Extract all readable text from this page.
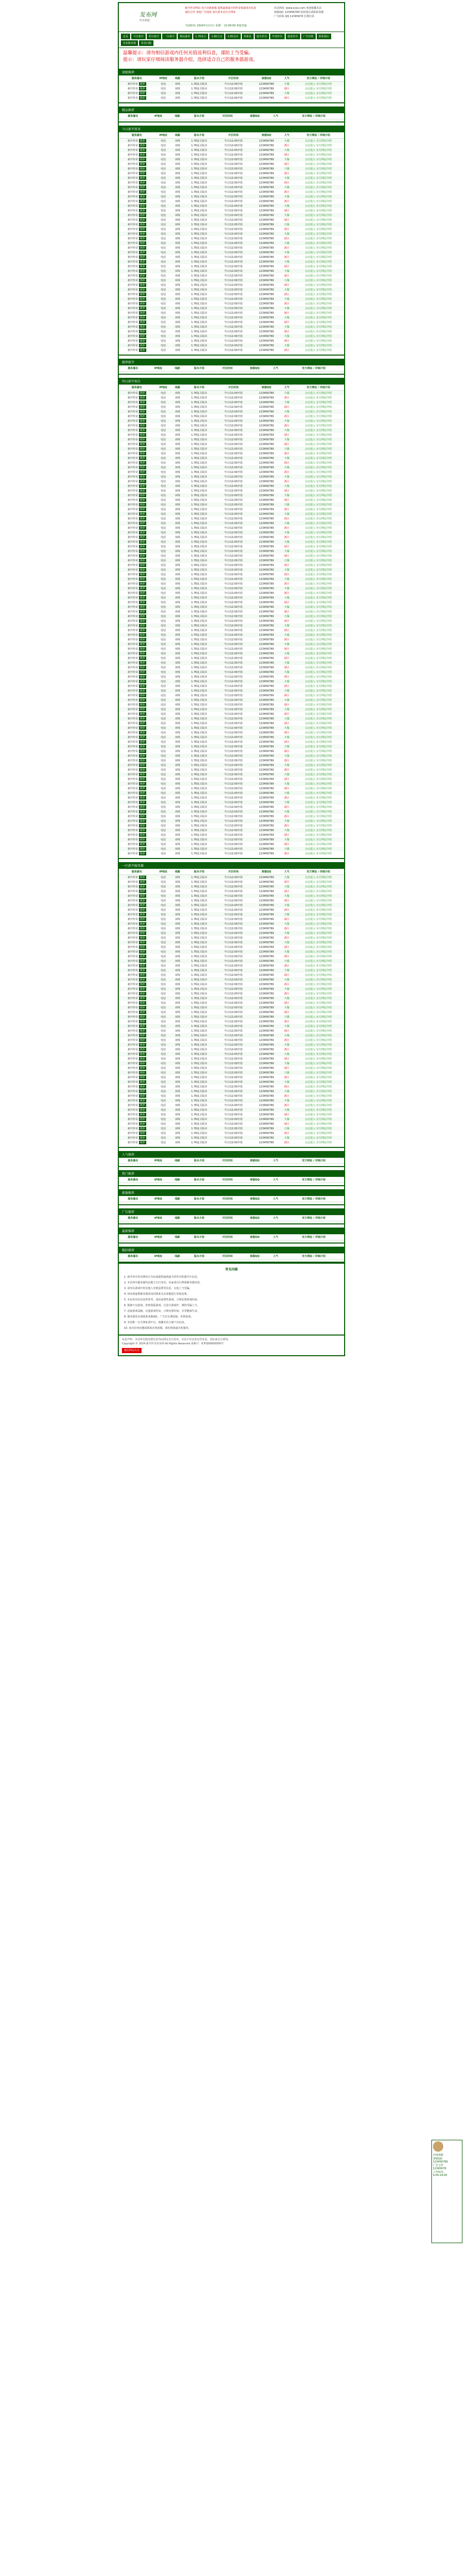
发布网
传奇新服
新开传奇网站 每天更新新服 提供最新最全的传奇私服发布信息
诚信合作 欢迎广告投放 请认准本站官方网址
本站网址: www.xxxx.com 欢迎收藏本站
客服QQ: 123456789 投诉建议请联系客服
广告联系 QQ 12345678 长期有效
当前时间: 2024年1月1日 星期一 12:00:00 欢迎光临
首页	今日新开	明日新开	一区新开	精品推荐	1.76复古	1.80合击	1.85金币	单职业	迷失传奇	中变传奇	超变传奇	广告价格	联系我们
发布服务器	常见问题
温馨提示：请勿相信游戏内任何充值返利信息，谨防上当受骗。
提示：请玩家仔细阅读服务器介绍，选择适合自己的服务器游戏。
顶级推荐
服务器名	IP地址	线路	版本介绍	开区时间	客服QQ	人气	官方网站 / 详细介绍
新开传奇 推荐	电信	双线	1.76复古版本	今日/12:00开放	123456789	火爆	点击进入 官方网站介绍
新开传奇 推荐	电信	双线	1.76复古版本	今日/12:00开放	123456789	新区	点击进入 官方网站介绍
新开传奇 推荐	电信	双线	1.76复古版本	今日/12:00开放	123456789	火爆	点击进入 官方网站介绍
新开传奇 推荐	电信	双线	1.76复古版本	今日/12:00开放	123456789	新区	点击进入 官方网站介绍
精品推荐
服务器名	IP地址	线路	版本介绍	开区时间	客服QQ	人气	官方网站 / 详细介绍
今日新开传奇
服务器名	IP地址	线路	版本介绍	开区时间	客服QQ	人气	官方网站 / 详细介绍
新开传奇 推荐	电信	双线	1.76复古版本	今日/12:00开放	123456789	火爆	点击进入 官方网站介绍
新开传奇 推荐	电信	双线	1.76复古版本	今日/12:00开放	123456789	新区	点击进入 官方网站介绍
新开传奇 推荐	电信	双线	1.76复古版本	今日/12:00开放	123456789	火爆	点击进入 官方网站介绍
新开传奇 推荐	电信	双线	1.76复古版本	今日/12:00开放	123456789	新区	点击进入 官方网站介绍
新开传奇 推荐	电信	双线	1.76复古版本	今日/12:00开放	123456789	火爆	点击进入 官方网站介绍
新开传奇 推荐	电信	双线	1.76复古版本	今日/12:00开放	123456789	新区	点击进入 官方网站介绍
新开传奇 推荐	电信	双线	1.76复古版本	今日/12:00开放	123456789	火爆	点击进入 官方网站介绍
新开传奇 推荐	电信	双线	1.76复古版本	今日/12:00开放	123456789	新区	点击进入 官方网站介绍
新开传奇 推荐	电信	双线	1.76复古版本	今日/12:00开放	123456789	火爆	点击进入 官方网站介绍
新开传奇 推荐	电信	双线	1.76复古版本	今日/12:00开放	123456789	新区	点击进入 官方网站介绍
新开传奇 推荐	电信	双线	1.76复古版本	今日/12:00开放	123456789	火爆	点击进入 官方网站介绍
新开传奇 推荐	电信	双线	1.76复古版本	今日/12:00开放	123456789	新区	点击进入 官方网站介绍
新开传奇 推荐	电信	双线	1.76复古版本	今日/12:00开放	123456789	火爆	点击进入 官方网站介绍
新开传奇 推荐	电信	双线	1.76复古版本	今日/12:00开放	123456789	新区	点击进入 官方网站介绍
新开传奇 推荐	电信	双线	1.76复古版本	今日/12:00开放	123456789	火爆	点击进入 官方网站介绍
新开传奇 推荐	电信	双线	1.76复古版本	今日/12:00开放	123456789	新区	点击进入 官方网站介绍
新开传奇 推荐	电信	双线	1.76复古版本	今日/12:00开放	123456789	火爆	点击进入 官方网站介绍
新开传奇 推荐	电信	双线	1.76复古版本	今日/12:00开放	123456789	新区	点击进入 官方网站介绍
新开传奇 推荐	电信	双线	1.76复古版本	今日/12:00开放	123456789	火爆	点击进入 官方网站介绍
新开传奇 推荐	电信	双线	1.76复古版本	今日/12:00开放	123456789	新区	点击进入 官方网站介绍
新开传奇 推荐	电信	双线	1.76复古版本	今日/12:00开放	123456789	火爆	点击进入 官方网站介绍
新开传奇 推荐	电信	双线	1.76复古版本	今日/12:00开放	123456789	新区	点击进入 官方网站介绍
新开传奇 推荐	电信	双线	1.76复古版本	今日/12:00开放	123456789	火爆	点击进入 官方网站介绍
新开传奇 推荐	电信	双线	1.76复古版本	今日/12:00开放	123456789	新区	点击进入 官方网站介绍
新开传奇 推荐	电信	双线	1.76复古版本	今日/12:00开放	123456789	火爆	点击进入 官方网站介绍
新开传奇 推荐	电信	双线	1.76复古版本	今日/12:00开放	123456789	新区	点击进入 官方网站介绍
新开传奇 推荐	电信	双线	1.76复古版本	今日/12:00开放	123456789	火爆	点击进入 官方网站介绍
新开传奇 推荐	电信	双线	1.76复古版本	今日/12:00开放	123456789	新区	点击进入 官方网站介绍
新开传奇 推荐	电信	双线	1.76复古版本	今日/12:00开放	123456789	火爆	点击进入 官方网站介绍
新开传奇 推荐	电信	双线	1.76复古版本	今日/12:00开放	123456789	新区	点击进入 官方网站介绍
新开传奇 推荐	电信	双线	1.76复古版本	今日/12:00开放	123456789	火爆	点击进入 官方网站介绍
新开传奇 推荐	电信	双线	1.76复古版本	今日/12:00开放	123456789	新区	点击进入 官方网站介绍
新开传奇 推荐	电信	双线	1.76复古版本	今日/12:00开放	123456789	火爆	点击进入 官方网站介绍
新开传奇 推荐	电信	双线	1.76复古版本	今日/12:00开放	123456789	新区	点击进入 官方网站介绍
新开传奇 推荐	电信	双线	1.76复古版本	今日/12:00开放	123456789	火爆	点击进入 官方网站介绍
新开传奇 推荐	电信	双线	1.76复古版本	今日/12:00开放	123456789	新区	点击进入 官方网站介绍
新开传奇 推荐	电信	双线	1.76复古版本	今日/12:00开放	123456789	火爆	点击进入 官方网站介绍
新开传奇 推荐	电信	双线	1.76复古版本	今日/12:00开放	123456789	新区	点击进入 官方网站介绍
新开传奇 推荐	电信	双线	1.76复古版本	今日/12:00开放	123456789	火爆	点击进入 官方网站介绍
新开传奇 推荐	电信	双线	1.76复古版本	今日/12:00开放	123456789	新区	点击进入 官方网站介绍
新开传奇 推荐	电信	双线	1.76复古版本	今日/12:00开放	123456789	火爆	点击进入 官方网站介绍
新开传奇 推荐	电信	双线	1.76复古版本	今日/12:00开放	123456789	新区	点击进入 官方网站介绍
新开传奇 推荐	电信	双线	1.76复古版本	今日/12:00开放	123456789	火爆	点击进入 官方网站介绍
新开传奇 推荐	电信	双线	1.76复古版本	今日/12:00开放	123456789	新区	点击进入 官方网站介绍
新开传奇 推荐	电信	双线	1.76复古版本	今日/12:00开放	123456789	火爆	点击进入 官方网站介绍
新开传奇 推荐	电信	双线	1.76复古版本	今日/12:00开放	123456789	新区	点击进入 官方网站介绍
推荐新开
服务器名	IP地址	线路	版本介绍	开区时间	客服QQ	人气	官方网站 / 详细介绍
明日新开预告
服务器名	IP地址	线路	版本介绍	开区时间	客服QQ	人气	官方网站 / 详细介绍
新开传奇 推荐	电信	双线	1.76复古版本	今日/12:00开放	123456789	火爆	点击进入 官方网站介绍
新开传奇 推荐	电信	双线	1.76复古版本	今日/12:00开放	123456789	新区	点击进入 官方网站介绍
新开传奇 推荐	电信	双线	1.76复古版本	今日/12:00开放	123456789	火爆	点击进入 官方网站介绍
新开传奇 推荐	电信	双线	1.76复古版本	今日/12:00开放	123456789	新区	点击进入 官方网站介绍
新开传奇 推荐	电信	双线	1.76复古版本	今日/12:00开放	123456789	火爆	点击进入 官方网站介绍
新开传奇 推荐	电信	双线	1.76复古版本	今日/12:00开放	123456789	新区	点击进入 官方网站介绍
新开传奇 推荐	电信	双线	1.76复古版本	今日/12:00开放	123456789	火爆	点击进入 官方网站介绍
新开传奇 推荐	电信	双线	1.76复古版本	今日/12:00开放	123456789	新区	点击进入 官方网站介绍
新开传奇 推荐	电信	双线	1.76复古版本	今日/12:00开放	123456789	火爆	点击进入 官方网站介绍
新开传奇 推荐	电信	双线	1.76复古版本	今日/12:00开放	123456789	新区	点击进入 官方网站介绍
新开传奇 推荐	电信	双线	1.76复古版本	今日/12:00开放	123456789	火爆	点击进入 官方网站介绍
新开传奇 推荐	电信	双线	1.76复古版本	今日/12:00开放	123456789	新区	点击进入 官方网站介绍
新开传奇 推荐	电信	双线	1.76复古版本	今日/12:00开放	123456789	火爆	点击进入 官方网站介绍
新开传奇 推荐	电信	双线	1.76复古版本	今日/12:00开放	123456789	新区	点击进入 官方网站介绍
新开传奇 推荐	电信	双线	1.76复古版本	今日/12:00开放	123456789	火爆	点击进入 官方网站介绍
新开传奇 推荐	电信	双线	1.76复古版本	今日/12:00开放	123456789	新区	点击进入 官方网站介绍
新开传奇 推荐	电信	双线	1.76复古版本	今日/12:00开放	123456789	火爆	点击进入 官方网站介绍
新开传奇 推荐	电信	双线	1.76复古版本	今日/12:00开放	123456789	新区	点击进入 官方网站介绍
新开传奇 推荐	电信	双线	1.76复古版本	今日/12:00开放	123456789	火爆	点击进入 官方网站介绍
新开传奇 推荐	电信	双线	1.76复古版本	今日/12:00开放	123456789	新区	点击进入 官方网站介绍
新开传奇 推荐	电信	双线	1.76复古版本	今日/12:00开放	123456789	火爆	点击进入 官方网站介绍
新开传奇 推荐	电信	双线	1.76复古版本	今日/12:00开放	123456789	新区	点击进入 官方网站介绍
新开传奇 推荐	电信	双线	1.76复古版本	今日/12:00开放	123456789	火爆	点击进入 官方网站介绍
新开传奇 推荐	电信	双线	1.76复古版本	今日/12:00开放	123456789	新区	点击进入 官方网站介绍
新开传奇 推荐	电信	双线	1.76复古版本	今日/12:00开放	123456789	火爆	点击进入 官方网站介绍
新开传奇 推荐	电信	双线	1.76复古版本	今日/12:00开放	123456789	新区	点击进入 官方网站介绍
新开传奇 推荐	电信	双线	1.76复古版本	今日/12:00开放	123456789	火爆	点击进入 官方网站介绍
新开传奇 推荐	电信	双线	1.76复古版本	今日/12:00开放	123456789	新区	点击进入 官方网站介绍
新开传奇 推荐	电信	双线	1.76复古版本	今日/12:00开放	123456789	火爆	点击进入 官方网站介绍
新开传奇 推荐	电信	双线	1.76复古版本	今日/12:00开放	123456789	新区	点击进入 官方网站介绍
新开传奇 推荐	电信	双线	1.76复古版本	今日/12:00开放	123456789	火爆	点击进入 官方网站介绍
新开传奇 推荐	电信	双线	1.76复古版本	今日/12:00开放	123456789	新区	点击进入 官方网站介绍
新开传奇 推荐	电信	双线	1.76复古版本	今日/12:00开放	123456789	火爆	点击进入 官方网站介绍
新开传奇 推荐	电信	双线	1.76复古版本	今日/12:00开放	123456789	新区	点击进入 官方网站介绍
新开传奇 推荐	电信	双线	1.76复古版本	今日/12:00开放	123456789	火爆	点击进入 官方网站介绍
新开传奇 推荐	电信	双线	1.76复古版本	今日/12:00开放	123456789	新区	点击进入 官方网站介绍
新开传奇 推荐	电信	双线	1.76复古版本	今日/12:00开放	123456789	火爆	点击进入 官方网站介绍
新开传奇 推荐	电信	双线	1.76复古版本	今日/12:00开放	123456789	新区	点击进入 官方网站介绍
新开传奇 推荐	电信	双线	1.76复古版本	今日/12:00开放	123456789	火爆	点击进入 官方网站介绍
新开传奇 推荐	电信	双线	1.76复古版本	今日/12:00开放	123456789	新区	点击进入 官方网站介绍
新开传奇 推荐	电信	双线	1.76复古版本	今日/12:00开放	123456789	火爆	点击进入 官方网站介绍
新开传奇 推荐	电信	双线	1.76复古版本	今日/12:00开放	123456789	新区	点击进入 官方网站介绍
新开传奇 推荐	电信	双线	1.76复古版本	今日/12:00开放	123456789	火爆	点击进入 官方网站介绍
新开传奇 推荐	电信	双线	1.76复古版本	今日/12:00开放	123456789	新区	点击进入 官方网站介绍
新开传奇 推荐	电信	双线	1.76复古版本	今日/12:00开放	123456789	火爆	点击进入 官方网站介绍
新开传奇 推荐	电信	双线	1.76复古版本	今日/12:00开放	123456789	新区	点击进入 官方网站介绍
新开传奇 推荐	电信	双线	1.76复古版本	今日/12:00开放	123456789	火爆	点击进入 官方网站介绍
新开传奇 推荐	电信	双线	1.76复古版本	今日/12:00开放	123456789	新区	点击进入 官方网站介绍
新开传奇 推荐	电信	双线	1.76复古版本	今日/12:00开放	123456789	火爆	点击进入 官方网站介绍
新开传奇 推荐	电信	双线	1.76复古版本	今日/12:00开放	123456789	新区	点击进入 官方网站介绍
新开传奇 推荐	电信	双线	1.76复古版本	今日/12:00开放	123456789	火爆	点击进入 官方网站介绍
新开传奇 推荐	电信	双线	1.76复古版本	今日/12:00开放	123456789	新区	点击进入 官方网站介绍
新开传奇 推荐	电信	双线	1.76复古版本	今日/12:00开放	123456789	火爆	点击进入 官方网站介绍
新开传奇 推荐	电信	双线	1.76复古版本	今日/12:00开放	123456789	新区	点击进入 官方网站介绍
新开传奇 推荐	电信	双线	1.76复古版本	今日/12:00开放	123456789	火爆	点击进入 官方网站介绍
新开传奇 推荐	电信	双线	1.76复古版本	今日/12:00开放	123456789	新区	点击进入 官方网站介绍
新开传奇 推荐	电信	双线	1.76复古版本	今日/12:00开放	123456789	火爆	点击进入 官方网站介绍
新开传奇 推荐	电信	双线	1.76复古版本	今日/12:00开放	123456789	新区	点击进入 官方网站介绍
新开传奇 推荐	电信	双线	1.76复古版本	今日/12:00开放	123456789	火爆	点击进入 官方网站介绍
新开传奇 推荐	电信	双线	1.76复古版本	今日/12:00开放	123456789	新区	点击进入 官方网站介绍
新开传奇 推荐	电信	双线	1.76复古版本	今日/12:00开放	123456789	火爆	点击进入 官方网站介绍
新开传奇 推荐	电信	双线	1.76复古版本	今日/12:00开放	123456789	新区	点击进入 官方网站介绍
新开传奇 推荐	电信	双线	1.76复古版本	今日/12:00开放	123456789	火爆	点击进入 官方网站介绍
新开传奇 推荐	电信	双线	1.76复古版本	今日/12:00开放	123456789	新区	点击进入 官方网站介绍
新开传奇 推荐	电信	双线	1.76复古版本	今日/12:00开放	123456789	火爆	点击进入 官方网站介绍
新开传奇 推荐	电信	双线	1.76复古版本	今日/12:00开放	123456789	新区	点击进入 官方网站介绍
新开传奇 推荐	电信	双线	1.76复古版本	今日/12:00开放	123456789	火爆	点击进入 官方网站介绍
新开传奇 推荐	电信	双线	1.76复古版本	今日/12:00开放	123456789	新区	点击进入 官方网站介绍
新开传奇 推荐	电信	双线	1.76复古版本	今日/12:00开放	123456789	火爆	点击进入 官方网站介绍
新开传奇 推荐	电信	双线	1.76复古版本	今日/12:00开放	123456789	新区	点击进入 官方网站介绍
新开传奇 推荐	电信	双线	1.76复古版本	今日/12:00开放	123456789	火爆	点击进入 官方网站介绍
新开传奇 推荐	电信	双线	1.76复古版本	今日/12:00开放	123456789	新区	点击进入 官方网站介绍
新开传奇 推荐	电信	双线	1.76复古版本	今日/12:00开放	123456789	火爆	点击进入 官方网站介绍
新开传奇 推荐	电信	双线	1.76复古版本	今日/12:00开放	123456789	新区	点击进入 官方网站介绍
新开传奇 推荐	电信	双线	1.76复古版本	今日/12:00开放	123456789	火爆	点击进入 官方网站介绍
新开传奇 推荐	电信	双线	1.76复古版本	今日/12:00开放	123456789	新区	点击进入 官方网站介绍
新开传奇 推荐	电信	双线	1.76复古版本	今日/12:00开放	123456789	火爆	点击进入 官方网站介绍
新开传奇 推荐	电信	双线	1.76复古版本	今日/12:00开放	123456789	新区	点击进入 官方网站介绍
新开传奇 推荐	电信	双线	1.76复古版本	今日/12:00开放	123456789	火爆	点击进入 官方网站介绍
新开传奇 推荐	电信	双线	1.76复古版本	今日/12:00开放	123456789	新区	点击进入 官方网站介绍
新开传奇 推荐	电信	双线	1.76复古版本	今日/12:00开放	123456789	火爆	点击进入 官方网站介绍
新开传奇 推荐	电信	双线	1.76复古版本	今日/12:00开放	123456789	新区	点击进入 官方网站介绍
新开传奇 推荐	电信	双线	1.76复古版本	今日/12:00开放	123456789	火爆	点击进入 官方网站介绍
新开传奇 推荐	电信	双线	1.76复古版本	今日/12:00开放	123456789	新区	点击进入 官方网站介绍
新开传奇 推荐	电信	双线	1.76复古版本	今日/12:00开放	123456789	火爆	点击进入 官方网站介绍
新开传奇 推荐	电信	双线	1.76复古版本	今日/12:00开放	123456789	新区	点击进入 官方网站介绍
新开传奇 推荐	电信	双线	1.76复古版本	今日/12:00开放	123456789	火爆	点击进入 官方网站介绍
新开传奇 推荐	电信	双线	1.76复古版本	今日/12:00开放	123456789	新区	点击进入 官方网站介绍
新开传奇 推荐	电信	双线	1.76复古版本	今日/12:00开放	123456789	火爆	点击进入 官方网站介绍
新开传奇 推荐	电信	双线	1.76复古版本	今日/12:00开放	123456789	新区	点击进入 官方网站介绍
新开传奇 推荐	电信	双线	1.76复古版本	今日/12:00开放	123456789	火爆	点击进入 官方网站介绍
新开传奇 推荐	电信	双线	1.76复古版本	今日/12:00开放	123456789	新区	点击进入 官方网站介绍
新开传奇 推荐	电信	双线	1.76复古版本	今日/12:00开放	123456789	火爆	点击进入 官方网站介绍
新开传奇 推荐	电信	双线	1.76复古版本	今日/12:00开放	123456789	新区	点击进入 官方网站介绍
新开传奇 推荐	电信	双线	1.76复古版本	今日/12:00开放	123456789	火爆	点击进入 官方网站介绍
新开传奇 推荐	电信	双线	1.76复古版本	今日/12:00开放	123456789	新区	点击进入 官方网站介绍
新开传奇 推荐	电信	双线	1.76复古版本	今日/12:00开放	123456789	火爆	点击进入 官方网站介绍
新开传奇 推荐	电信	双线	1.76复古版本	今日/12:00开放	123456789	新区	点击进入 官方网站介绍
新开传奇 推荐	电信	双线	1.76复古版本	今日/12:00开放	123456789	火爆	点击进入 官方网站介绍
新开传奇 推荐	电信	双线	1.76复古版本	今日/12:00开放	123456789	新区	点击进入 官方网站介绍
一区新开服务器
服务器名	IP地址	线路	版本介绍	开区时间	客服QQ	人气	官方网站 / 详细介绍
新开传奇 推荐	电信	双线	1.76复古版本	今日/12:00开放	123456789	火爆	点击进入 官方网站介绍
新开传奇 推荐	电信	双线	1.76复古版本	今日/12:00开放	123456789	新区	点击进入 官方网站介绍
新开传奇 推荐	电信	双线	1.76复古版本	今日/12:00开放	123456789	火爆	点击进入 官方网站介绍
新开传奇 推荐	电信	双线	1.76复古版本	今日/12:00开放	123456789	新区	点击进入 官方网站介绍
新开传奇 推荐	电信	双线	1.76复古版本	今日/12:00开放	123456789	火爆	点击进入 官方网站介绍
新开传奇 推荐	电信	双线	1.76复古版本	今日/12:00开放	123456789	新区	点击进入 官方网站介绍
新开传奇 推荐	电信	双线	1.76复古版本	今日/12:00开放	123456789	火爆	点击进入 官方网站介绍
新开传奇 推荐	电信	双线	1.76复古版本	今日/12:00开放	123456789	新区	点击进入 官方网站介绍
新开传奇 推荐	电信	双线	1.76复古版本	今日/12:00开放	123456789	火爆	点击进入 官方网站介绍
新开传奇 推荐	电信	双线	1.76复古版本	今日/12:00开放	123456789	新区	点击进入 官方网站介绍
新开传奇 推荐	电信	双线	1.76复古版本	今日/12:00开放	123456789	火爆	点击进入 官方网站介绍
新开传奇 推荐	电信	双线	1.76复古版本	今日/12:00开放	123456789	新区	点击进入 官方网站介绍
新开传奇 推荐	电信	双线	1.76复古版本	今日/12:00开放	123456789	火爆	点击进入 官方网站介绍
新开传奇 推荐	电信	双线	1.76复古版本	今日/12:00开放	123456789	新区	点击进入 官方网站介绍
新开传奇 推荐	电信	双线	1.76复古版本	今日/12:00开放	123456789	火爆	点击进入 官方网站介绍
新开传奇 推荐	电信	双线	1.76复古版本	今日/12:00开放	123456789	新区	点击进入 官方网站介绍
新开传奇 推荐	电信	双线	1.76复古版本	今日/12:00开放	123456789	火爆	点击进入 官方网站介绍
新开传奇 推荐	电信	双线	1.76复古版本	今日/12:00开放	123456789	新区	点击进入 官方网站介绍
新开传奇 推荐	电信	双线	1.76复古版本	今日/12:00开放	123456789	火爆	点击进入 官方网站介绍
新开传奇 推荐	电信	双线	1.76复古版本	今日/12:00开放	123456789	新区	点击进入 官方网站介绍
新开传奇 推荐	电信	双线	1.76复古版本	今日/12:00开放	123456789	火爆	点击进入 官方网站介绍
新开传奇 推荐	电信	双线	1.76复古版本	今日/12:00开放	123456789	新区	点击进入 官方网站介绍
新开传奇 推荐	电信	双线	1.76复古版本	今日/12:00开放	123456789	火爆	点击进入 官方网站介绍
新开传奇 推荐	电信	双线	1.76复古版本	今日/12:00开放	123456789	新区	点击进入 官方网站介绍
新开传奇 推荐	电信	双线	1.76复古版本	今日/12:00开放	123456789	火爆	点击进入 官方网站介绍
新开传奇 推荐	电信	双线	1.76复古版本	今日/12:00开放	123456789	新区	点击进入 官方网站介绍
新开传奇 推荐	电信	双线	1.76复古版本	今日/12:00开放	123456789	火爆	点击进入 官方网站介绍
新开传奇 推荐	电信	双线	1.76复古版本	今日/12:00开放	123456789	新区	点击进入 官方网站介绍
新开传奇 推荐	电信	双线	1.76复古版本	今日/12:00开放	123456789	火爆	点击进入 官方网站介绍
新开传奇 推荐	电信	双线	1.76复古版本	今日/12:00开放	123456789	新区	点击进入 官方网站介绍
新开传奇 推荐	电信	双线	1.76复古版本	今日/12:00开放	123456789	火爆	点击进入 官方网站介绍
新开传奇 推荐	电信	双线	1.76复古版本	今日/12:00开放	123456789	新区	点击进入 官方网站介绍
新开传奇 推荐	电信	双线	1.76复古版本	今日/12:00开放	123456789	火爆	点击进入 官方网站介绍
新开传奇 推荐	电信	双线	1.76复古版本	今日/12:00开放	123456789	新区	点击进入 官方网站介绍
新开传奇 推荐	电信	双线	1.76复古版本	今日/12:00开放	123456789	火爆	点击进入 官方网站介绍
新开传奇 推荐	电信	双线	1.76复古版本	今日/12:00开放	123456789	新区	点击进入 官方网站介绍
新开传奇 推荐	电信	双线	1.76复古版本	今日/12:00开放	123456789	火爆	点击进入 官方网站介绍
新开传奇 推荐	电信	双线	1.76复古版本	今日/12:00开放	123456789	新区	点击进入 官方网站介绍
新开传奇 推荐	电信	双线	1.76复古版本	今日/12:00开放	123456789	火爆	点击进入 官方网站介绍
新开传奇 推荐	电信	双线	1.76复古版本	今日/12:00开放	123456789	新区	点击进入 官方网站介绍
新开传奇 推荐	电信	双线	1.76复古版本	今日/12:00开放	123456789	火爆	点击进入 官方网站介绍
新开传奇 推荐	电信	双线	1.76复古版本	今日/12:00开放	123456789	新区	点击进入 官方网站介绍
新开传奇 推荐	电信	双线	1.76复古版本	今日/12:00开放	123456789	火爆	点击进入 官方网站介绍
新开传奇 推荐	电信	双线	1.76复古版本	今日/12:00开放	123456789	新区	点击进入 官方网站介绍
新开传奇 推荐	电信	双线	1.76复古版本	今日/12:00开放	123456789	火爆	点击进入 官方网站介绍
新开传奇 推荐	电信	双线	1.76复古版本	今日/12:00开放	123456789	新区	点击进入 官方网站介绍
新开传奇 推荐	电信	双线	1.76复古版本	今日/12:00开放	123456789	火爆	点击进入 官方网站介绍
新开传奇 推荐	电信	双线	1.76复古版本	今日/12:00开放	123456789	新区	点击进入 官方网站介绍
新开传奇 推荐	电信	双线	1.76复古版本	今日/12:00开放	123456789	火爆	点击进入 官方网站介绍
新开传奇 推荐	电信	双线	1.76复古版本	今日/12:00开放	123456789	新区	点击进入 官方网站介绍
新开传奇 推荐	电信	双线	1.76复古版本	今日/12:00开放	123456789	火爆	点击进入 官方网站介绍
新开传奇 推荐	电信	双线	1.76复古版本	今日/12:00开放	123456789	新区	点击进入 官方网站介绍
新开传奇 推荐	电信	双线	1.76复古版本	今日/12:00开放	123456789	火爆	点击进入 官方网站介绍
新开传奇 推荐	电信	双线	1.76复古版本	今日/12:00开放	123456789	新区	点击进入 官方网站介绍
新开传奇 推荐	电信	双线	1.76复古版本	今日/12:00开放	123456789	火爆	点击进入 官方网站介绍
新开传奇 推荐	电信	双线	1.76复古版本	今日/12:00开放	123456789	新区	点击进入 官方网站介绍
新开传奇 推荐	电信	双线	1.76复古版本	今日/12:00开放	123456789	火爆	点击进入 官方网站介绍
新开传奇 推荐	电信	双线	1.76复古版本	今日/12:00开放	123456789	新区	点击进入 官方网站介绍
人气推荐
服务器名	IP地址	线路	版本介绍	开区时间	客服QQ	人气	官方网站 / 详细介绍
热门推荐
服务器名	IP地址	线路	版本介绍	开区时间	客服QQ	人气	官方网站 / 详细介绍
新服推荐
服务器名	IP地址	线路	版本介绍	开区时间	客服QQ	人气	官方网站 / 详细介绍
广告推荐
服务器名	IP地址	线路	版本介绍	开区时间	客服QQ	人气	官方网站 / 详细介绍
最新推荐
服务器名	IP地址	线路	版本介绍	开区时间	客服QQ	人气	官方网站 / 详细介绍
精彩推荐
服务器名	IP地址	线路	版本介绍	开区时间	客服QQ	人气	官方网站 / 详细介绍
常见问题
1. 新开传奇发布网每天为玩家提供最新最全的传奇私服开区信息。
2. 本站所有服务器均由服主自行发布，玩家请自行辨别服务器真伪。
3. 请勿在游戏中轻信他人充值返利等信息，以免上当受骗。
4. 如发现虚假服务器请及时联系本站客服进行举报处理。
5. 本站发布信息仅供参考，请玩家理性游戏，合理安排游戏时间。
6. 抵制不良游戏，拒绝盗版游戏，注意自我保护，谨防受骗上当。
7. 适度游戏益脑，沉迷游戏伤身，合理安排时间，享受健康生活。
8. 服务器发布请联系客服QQ，广告位长期招租，价格优惠。
9. 本站唯一官方网址请牢记，收藏本站方便下次访问。
10. 如有任何问题请联系在线客服，我们将竭诚为您服务。
免责声明：本站所有服务器信息均由网友自行发布，本站不对其真实性负责，请玩家自行辨别。
Copyright © 2024 新开传奇发布网 All Rights Reserved 备案号：ICP备00000000号
诚信网站认证
在线客服
客服QQ
123456789
广告合作
12345678
工作时间
9:00-24:00
